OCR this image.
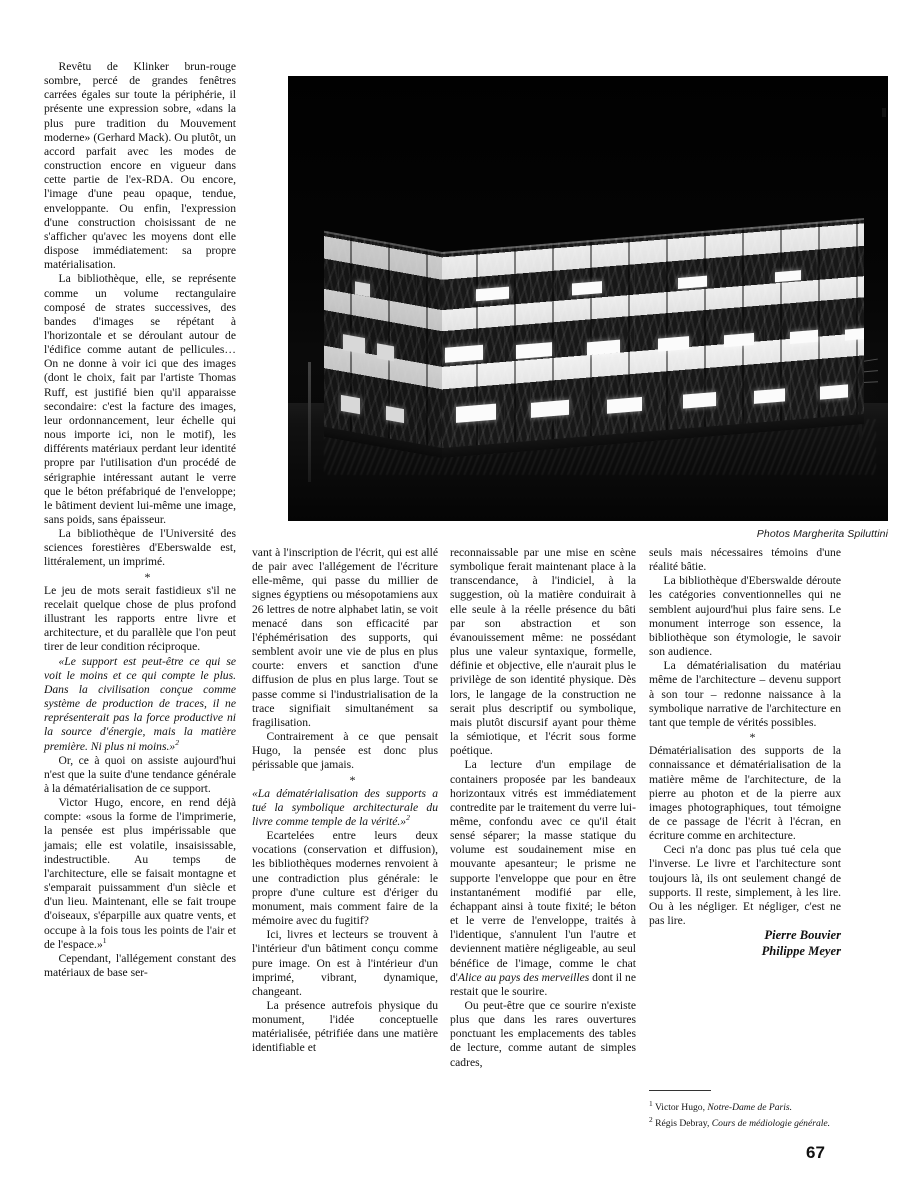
Photos Margherita Spiluttini

Revêtu de Klinker brun-rouge sombre, percé de grandes fenêtres carrées égales sur toute la périphérie, il présente une expression sobre, «dans la plus pure tradition du Mouvement moderne» (Gerhard Mack). Ou plutôt, un accord parfait avec les modes de construction encore en vigueur dans cette partie de l'ex-RDA. Ou encore, l'image d'une peau opaque, tendue, enveloppante. Ou enfin, l'expression d'une construction choisissant de ne s'afficher qu'avec les moyens dont elle dispose immédiatement: sa propre matérialisation.

La bibliothèque, elle, se représente comme un volume rectangulaire composé de strates successives, des bandes d'images se répétant à l'horizontale et se déroulant autour de l'édifice comme autant de pellicules… On ne donne à voir ici que des images (dont le choix, fait par l'artiste Thomas Ruff, est justifié bien qu'il apparaisse secondaire: c'est la facture des images, leur ordonnancement, leur échelle qui nous importe ici, non le motif), les différents matériaux perdant leur identité propre par l'utilisation d'un procédé de sérigraphie intéressant autant le verre que le béton préfabriqué de l'enveloppe; le bâtiment devient lui-même une image, sans poids, sans épaisseur.

La bibliothèque de l'Université des sciences forestières d'Eberswalde est, littéralement, un imprimé.

*

Le jeu de mots serait fastidieux s'il ne recelait quelque chose de plus profond illustrant les rapports entre livre et architecture, et du parallèle que l'on peut tirer de leur condition réciproque.

«Le support est peut-être ce qui se voit le moins et ce qui compte le plus. Dans la civilisation conçue comme système de production de traces, il ne représenterait pas la force productive ni la source d'énergie, mais la matière première. Ni plus ni moins.»$^2$

Or, ce à quoi on assiste aujourd'hui n'est que la suite d'une tendance générale à la dématérialisation de ce support.

Victor Hugo, encore, en rend déjà compte: «sous la forme de l'imprimerie, la pensée est plus impérissable que jamais; elle est volatile, insaisissable, indestructible. Au temps de l'architecture, elle se faisait montagne et s'emparait puissamment d'un siècle et d'un lieu. Maintenant, elle se fait troupe d'oiseaux, s'éparpille aux quatre vents, et occupe à la fois tous les points de l'air et de l'espace.»$^1$

Cependant, l'allégement constant des matériaux de base ser-

vant à l'inscription de l'écrit, qui est allé de pair avec l'allégement de l'écriture elle-même, qui passe du millier de signes égyptiens ou mésopotamiens aux 26 lettres de notre alphabet latin, se voit menacé dans son efficacité par l'éphémérisation des supports, qui semblent avoir une vie de plus en plus courte: envers et sanction d'une diffusion de plus en plus large. Tout se passe comme si l'industrialisation de la trace signifiait simultanément sa fragilisation.

Contrairement à ce que pensait Hugo, la pensée est donc plus périssable que jamais.

*

«La dématérialisation des supports a tué la symbolique architecturale du livre comme temple de la vérité.»$^2$

Ecartelées entre leurs deux vocations (conservation et diffusion), les bibliothèques modernes renvoient à une contradiction plus générale: le propre d'une culture est d'ériger du monument, mais comment faire de la mémoire avec du fugitif?

Ici, livres et lecteurs se trouvent à l'intérieur d'un bâtiment conçu comme pure image. On est à l'intérieur d'un imprimé, vibrant, dynamique, changeant.

La présence autrefois physique du monument, l'idée conceptuelle matérialisée, pétrifiée dans une matière identifiable et

reconnaissable par une mise en scène symbolique ferait maintenant place à la transcendance, à l'indiciel, à la suggestion, où la matière conduirait à elle seule à la réelle présence du bâti par son abstraction et son évanouissement même: ne possédant plus une valeur syntaxique, formelle, définie et objective, elle n'aurait plus le privilège de son identité physique. Dès lors, le langage de la construction ne serait plus descriptif ou symbolique, mais plutôt discursif ayant pour thème la sémiotique, et l'écrit sous forme poétique.

La lecture d'un empilage de containers proposée par les bandeaux horizontaux vitrés est immédiatement contredite par le traitement du verre lui-même, confondu avec ce qu'il était sensé séparer; la masse statique du volume est soudainement mise en mouvante apesanteur; le prisme ne supporte l'enveloppe que pour en être instantanément modifié par elle, échappant ainsi à toute fixité; le béton et le verre de l'enveloppe, traités à l'identique, s'annulent l'un l'autre et deviennent matière négligeable, au seul bénéfice de l'image, comme le chat d'Alice au pays des merveilles dont il ne restait que le sourire.

Ou peut-être que ce sourire n'existe plus que dans les rares ouvertures ponctuant les emplacements des tables de lecture, comme autant de simples cadres,

seuls mais nécessaires témoins d'une réalité bâtie.

La bibliothèque d'Eberswalde déroute les catégories conventionnelles qui ne semblent aujourd'hui plus faire sens. Le monument interroge son essence, la bibliothèque son étymologie, le savoir son audience.

La dématérialisation du matériau même de l'architecture – devenu support à son tour – redonne naissance à la symbolique narrative de l'architecture en tant que temple de vérités possibles.

*

Dématérialisation des supports de la connaissance et dématérialisation de la matière même de l'architecture, de la pierre au photon et de la pierre aux images photographiques, tout témoigne de ce passage de l'écrit à l'écran, en écriture comme en architecture.

Ceci n'a donc pas plus tué cela que l'inverse. Le livre et l'architecture sont toujours là, ils ont seulement changé de supports. Il reste, simplement, à les lire. Ou à les négliger. Et négliger, c'est ne pas lire.

Pierre Bouvier

Philippe Meyer

$^1$ Victor Hugo, Notre-Dame de Paris.

$^2$ Régis Debray, Cours de médiologie générale.

67
